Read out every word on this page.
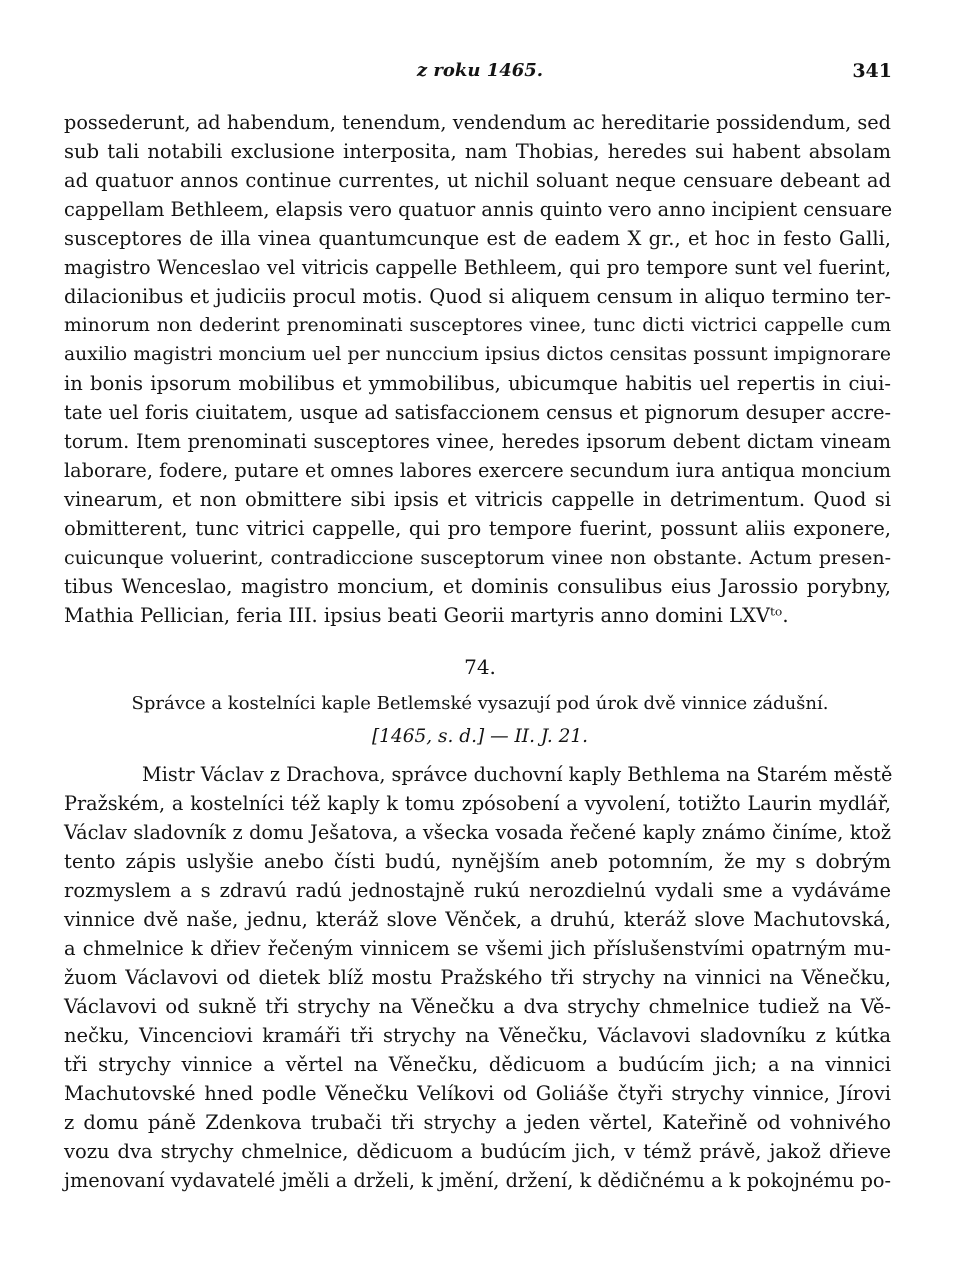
z roku 1465.	341
possederunt, ad habendum, tenendum, vendendum ac hereditarie possidendum, sed
sub tali notabili exclusione interposita, nam Thobias, heredes sui habent absolam
ad quatuor annos continue currentes, ut nichil soluant neque censuare debeant ad
cappellam Bethleem, elapsis vero quatuor annis quinto vero anno incipient censuare
susceptores de illa vinea quantumcunque est de eadem X gr., et hoc in festo Galli,
magistro Wenceslao vel vitricis cappelle Bethleem, qui pro tempore sunt vel fuerint,
dilacionibus et judiciis procul motis. Quod si aliquem censum in aliquo termino ter-
minorum non dederint prenominati susceptores vinee, tunc dicti victrici cappelle cum
auxilio magistri moncium uel per nunccium ipsius dictos censitas possunt impignorare
in bonis ipsorum mobilibus et ymmobilibus, ubicumque habitis uel repertis in ciui-
tate uel foris ciuitatem, usque ad satisfaccionem census et pignorum desuper accre-
torum. Item prenominati susceptores vinee, heredes ipsorum debent dictam vineam
laborare, fodere, putare et omnes labores exercere secundum iura antiqua moncium
vinearum, et non obmittere sibi ipsis et vitricis cappelle in detrimentum. Quod si
obmitterent, tunc vitrici cappelle, qui pro tempore fuerint, possunt aliis exponere,
cuicunque voluerint, contradiccione susceptorum vinee non obstante. Actum presen-
tibus Wenceslao, magistro moncium, et dominis consulibus eius Jarossio porybny,
Mathia Pellician, feria III. ipsius beati Georii martyris anno domini LXVᵗᵒ.
74.
Správce a kostelníci kaple Betlemské vysazují pod úrok dvě vinnice zádušní.
[1465, s. d.] — II. J. 21.
Mistr Václav z Drachova, správce duchovní kaply Bethlema na Starém městě
Pražském, a kostelníci též kaply k tomu zpósobení a vyvolení, totižto Laurin mydlář,
Václav sladovník z domu Ješatova, a všecka vosada řečené kaply známo činíme, ktož
tento zápis uslyšie anebo čísti budú, nynějším aneb potomním, že my s dobrým
rozmyslem a s zdravú radú jednostajně rukú nerozdielnú vydali sme a vydáváme
vinnice dvě naše, jednu, kteráž slove Věnček, a druhú, kteráž slove Machutovská,
a chmelnice k dřiev řečeným vinnicem se všemi jich příslušenstvími opatrným mu-
žuom Václavovi od dietek blíž mostu Pražského tři strychy na vinnici na Věnečku,
Václavovi od sukně tři strychy na Věnečku a dva strychy chmelnice tudiež na Vě-
nečku, Vincenciovi kramáři tři strychy na Věnečku, Václavovi sladovníku z kútka
tři strychy vinnice a věrtel na Věnečku, dědicuom a budúcím jich; a na vinnici
Machutovské hned podle Věnečku Velíkovi od Goliáše čtyři strychy vinnice, Jírovi
z domu páně Zdenkova trubači tři strychy a jeden věrtel, Kateřině od vohnivého
vozu dva strychy chmelnice, dědicuom a budúcím jich, v témž právě, jakož dřieve
jmenovaní vydavatelé jměli a drželi, k jmění, držení, k dědičnému a k pokojnému po-
